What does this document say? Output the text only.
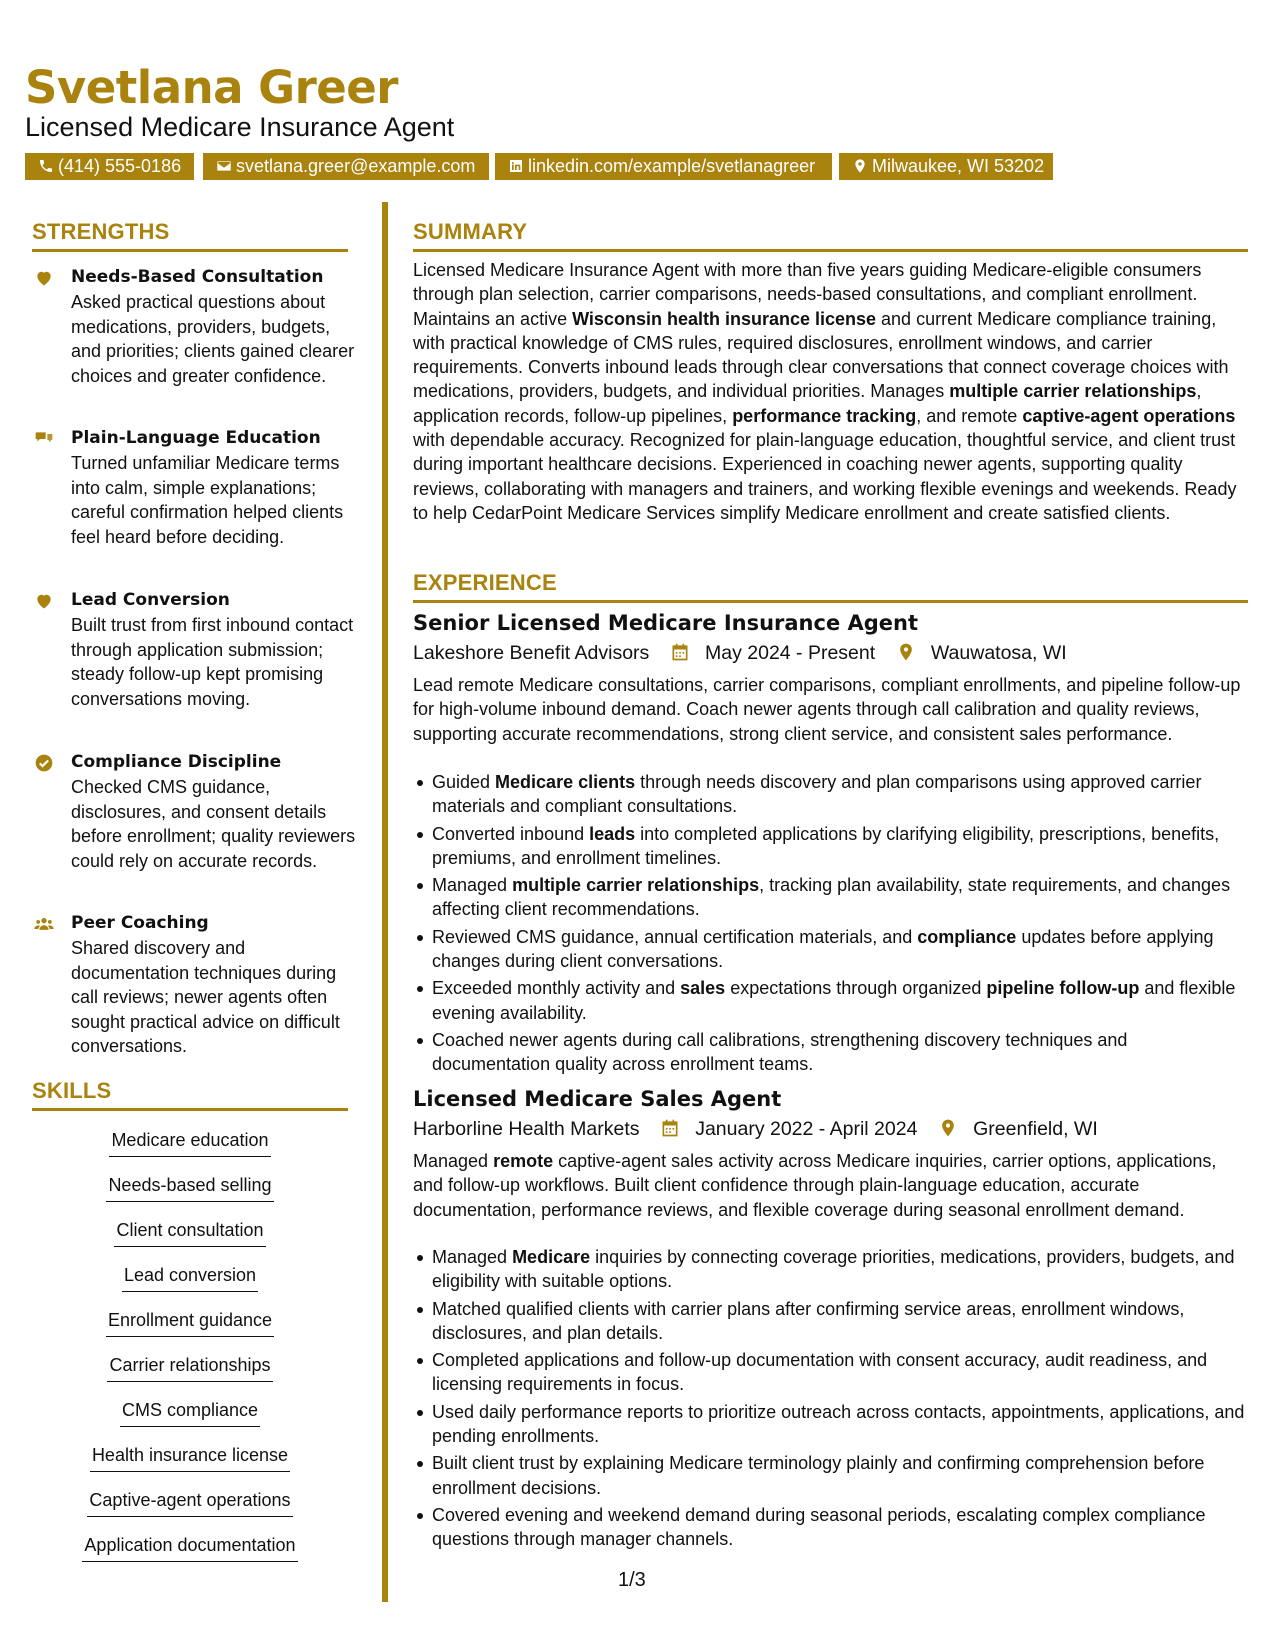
Svetlana Greer
Licensed Medicare Insurance Agent
(414) 555-0186	svetlana.greer@example.com	linkedin.com/example/svetlanagreer	Milwaukee, WI 53202
STRENGTHS
Needs-Based Consultation
Asked practical questions about medications, providers, budgets, and priorities; clients gained clearer choices and greater confidence.
Plain-Language Education
Turned unfamiliar Medicare terms into calm, simple explanations; careful confirmation helped clients feel heard before deciding.
Lead Conversion
Built trust from first inbound contact through application submission; steady follow-up kept promising conversations moving.
Compliance Discipline
Checked CMS guidance, disclosures, and consent details before enrollment; quality reviewers could rely on accurate records.
Peer Coaching
Shared discovery and documentation techniques during call reviews; newer agents often sought practical advice on difficult conversations.
SKILLS
Medicare education
Needs-based selling
Client consultation
Lead conversion
Enrollment guidance
Carrier relationships
CMS compliance
Health insurance license
Captive-agent operations
Application documentation
SUMMARY
Licensed Medicare Insurance Agent with more than five years guiding Medicare-eligible consumers through plan selection, carrier comparisons, needs-based consultations, and compliant enrollment. Maintains an active Wisconsin health insurance license and current Medicare compliance training, with practical knowledge of CMS rules, required disclosures, enrollment windows, and carrier requirements. Converts inbound leads through clear conversations that connect coverage choices with medications, providers, budgets, and individual priorities. Manages multiple carrier relationships, application records, follow-up pipelines, performance tracking, and remote captive-agent operations with dependable accuracy. Recognized for plain-language education, thoughtful service, and client trust during important healthcare decisions. Experienced in coaching newer agents, supporting quality reviews, collaborating with managers and trainers, and working flexible evenings and weekends. Ready to help CedarPoint Medicare Services simplify Medicare enrollment and create satisfied clients.
EXPERIENCE
Senior Licensed Medicare Insurance Agent
Lakeshore Benefit Advisors	May 2024 - Present	Wauwatosa, WI
Lead remote Medicare consultations, carrier comparisons, compliant enrollments, and pipeline follow-up for high-volume inbound demand. Coach newer agents through call calibration and quality reviews, supporting accurate recommendations, strong client service, and consistent sales performance.
Guided Medicare clients through needs discovery and plan comparisons using approved carrier materials and compliant consultations.
Converted inbound leads into completed applications by clarifying eligibility, prescriptions, benefits, premiums, and enrollment timelines.
Managed multiple carrier relationships, tracking plan availability, state requirements, and changes affecting client recommendations.
Reviewed CMS guidance, annual certification materials, and compliance updates before applying changes during client conversations.
Exceeded monthly activity and sales expectations through organized pipeline follow-up and flexible evening availability.
Coached newer agents during call calibrations, strengthening discovery techniques and documentation quality across enrollment teams.
Licensed Medicare Sales Agent
Harborline Health Markets	January 2022 - April 2024	Greenfield, WI
Managed remote captive-agent sales activity across Medicare inquiries, carrier options, applications, and follow-up workflows. Built client confidence through plain-language education, accurate documentation, performance reviews, and flexible coverage during seasonal enrollment demand.
Managed Medicare inquiries by connecting coverage priorities, medications, providers, budgets, and eligibility with suitable options.
Matched qualified clients with carrier plans after confirming service areas, enrollment windows, disclosures, and plan details.
Completed applications and follow-up documentation with consent accuracy, audit readiness, and licensing requirements in focus.
Used daily performance reports to prioritize outreach across contacts, appointments, applications, and pending enrollments.
Built client trust by explaining Medicare terminology plainly and confirming comprehension before enrollment decisions.
Covered evening and weekend demand during seasonal periods, escalating complex compliance questions through manager channels.
1/3
